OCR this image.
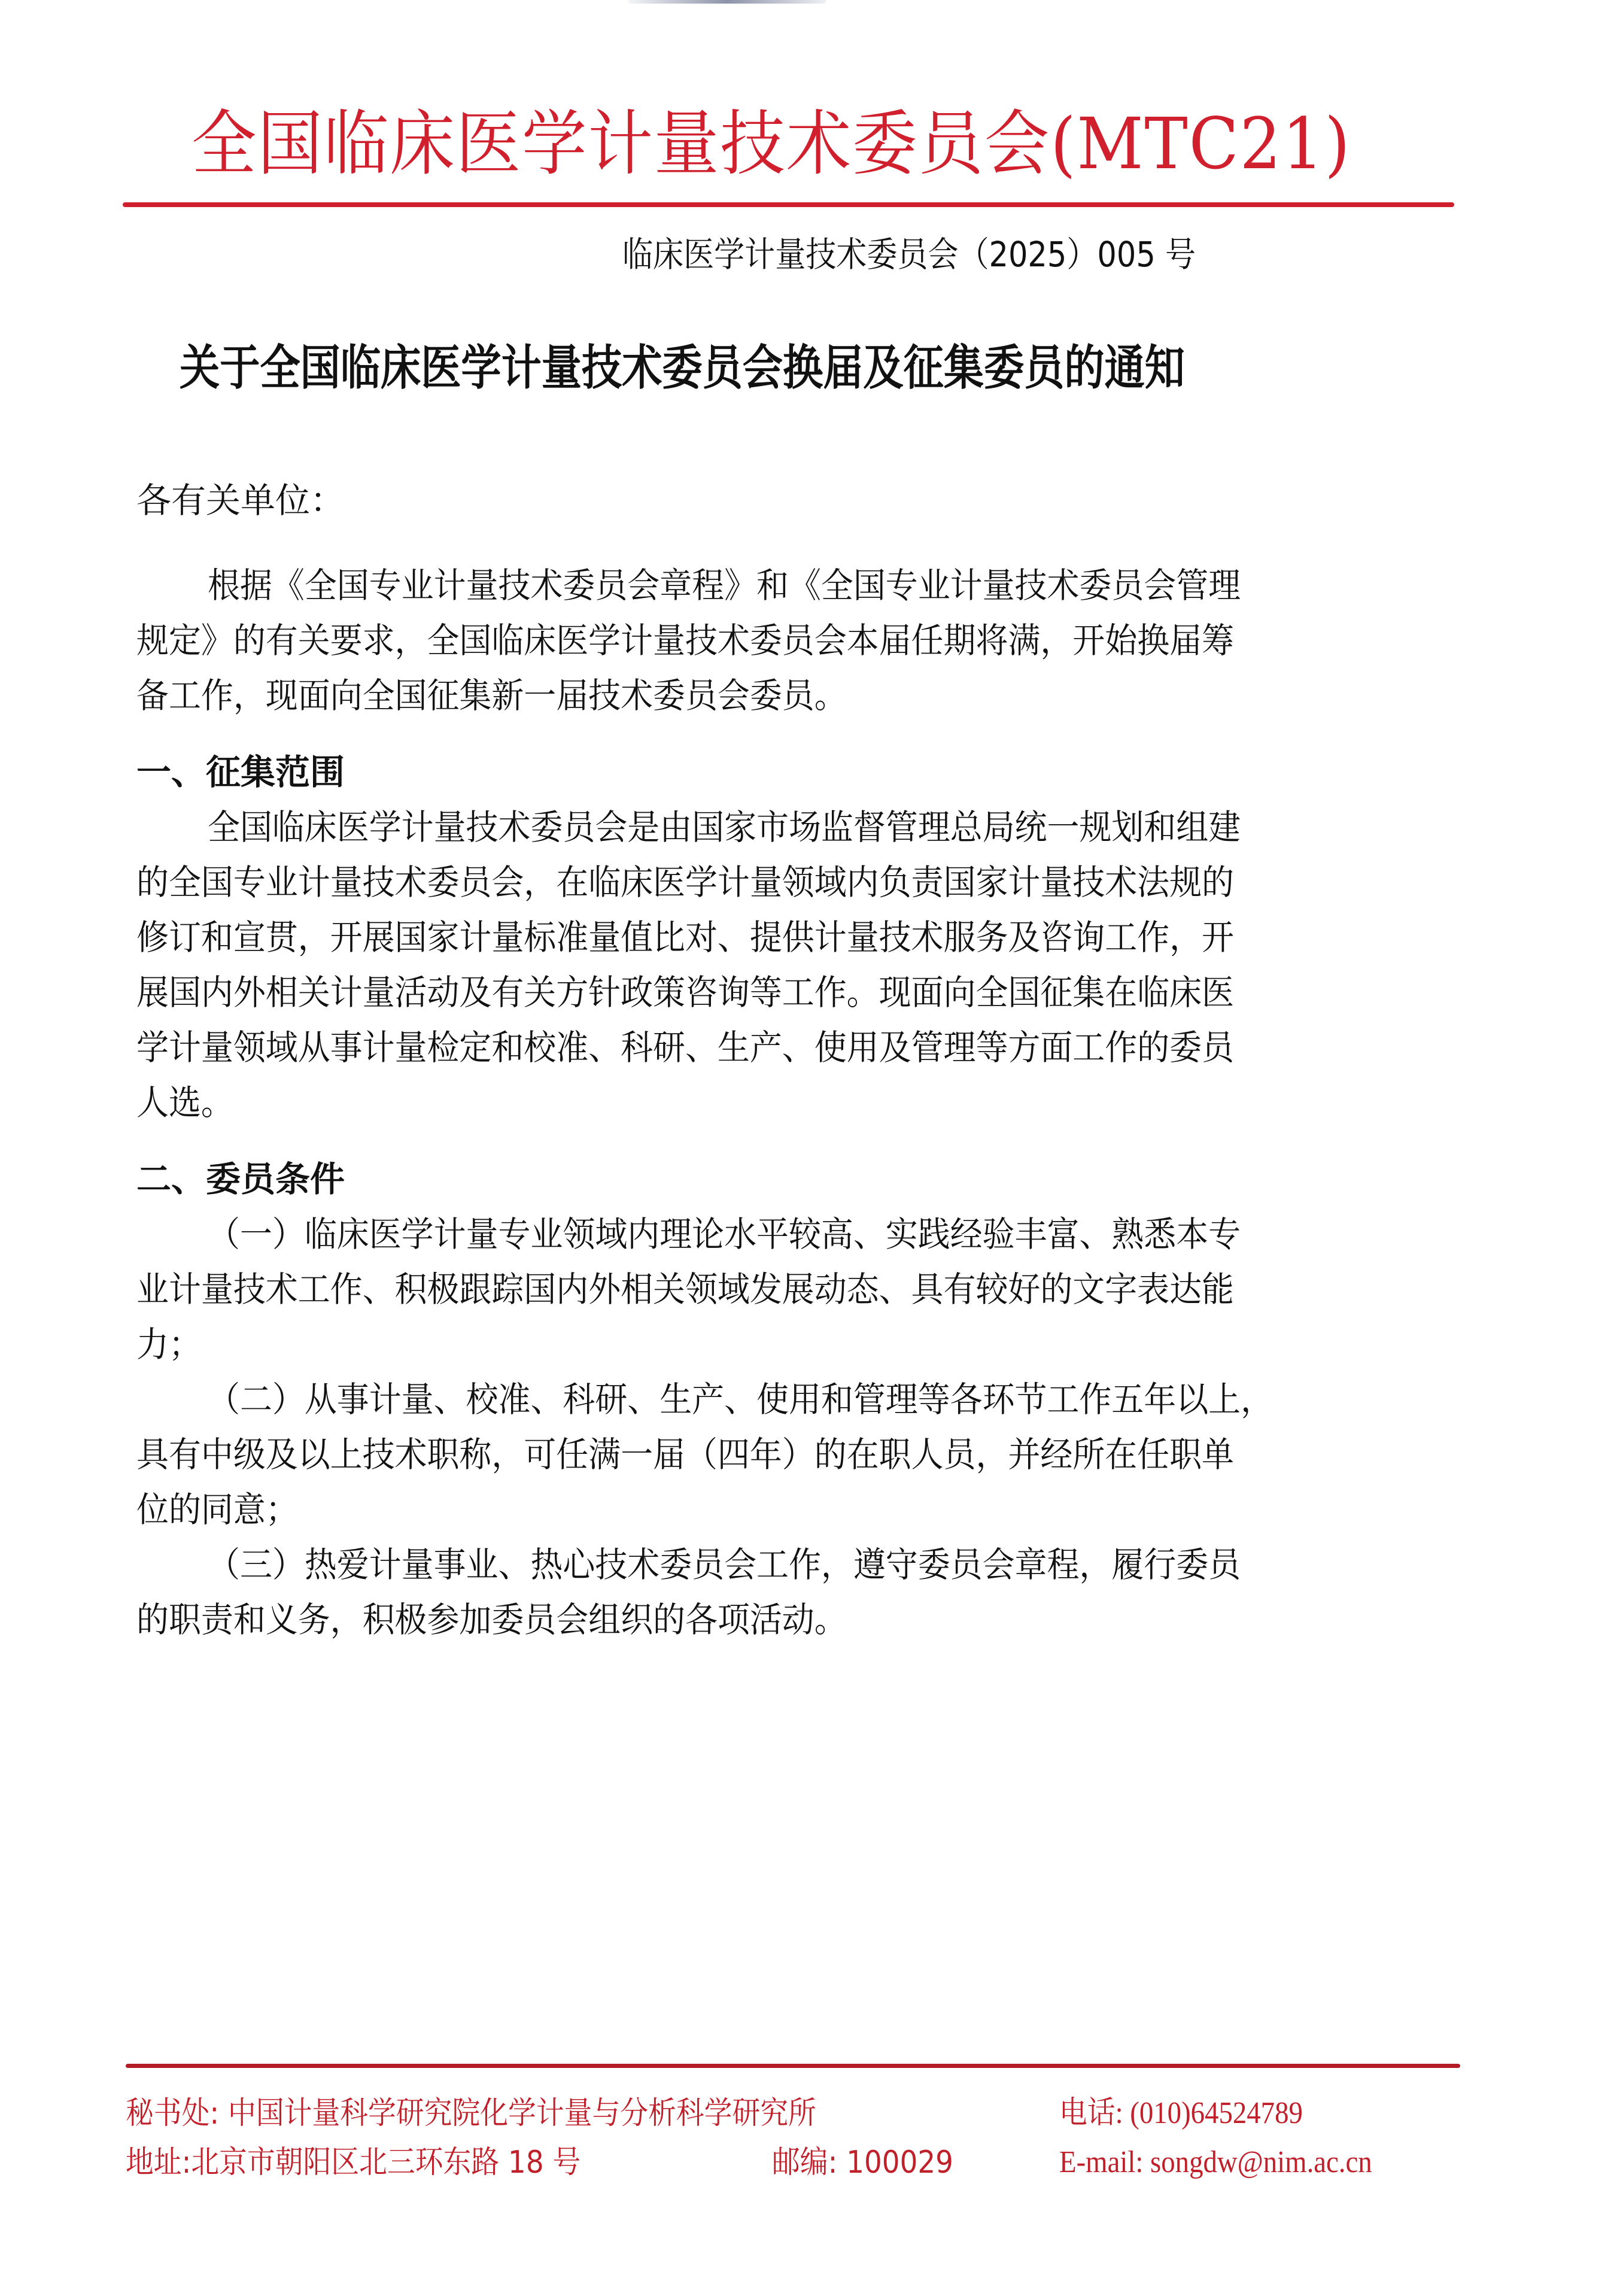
全国临床医学计量技术委员会(MTC21)
临床医学计量技术委员会（2025）005 号
关于全国临床医学计量技术委员会换届及征集委员的通知

各有关单位：

根据《全国专业计量技术委员会章程》和《全国专业计量技术委员会管理
规定》的有关要求，全国临床医学计量技术委员会本届任期将满，开始换届筹
备工作，现面向全国征集新一届技术委员会委员。

一、征集范围

全国临床医学计量技术委员会是由国家市场监督管理总局统一规划和组建
的全国专业计量技术委员会，在临床医学计量领域内负责国家计量技术法规的
修订和宣贯，开展国家计量标准量值比对、提供计量技术服务及咨询工作，开
展国内外相关计量活动及有关方针政策咨询等工作。现面向全国征集在临床医
学计量领域从事计量检定和校准、科研、生产、使用及管理等方面工作的委员
人选。

二、委员条件

（一）临床医学计量专业领域内理论水平较高、实践经验丰富、熟悉本专
业计量技术工作、积极跟踪国内外相关领域发展动态、具有较好的文字表达能
力；

（二）从事计量、校准、科研、生产、使用和管理等各环节工作五年以上，
具有中级及以上技术职称，可任满一届（四年）的在职人员，并经所在任职单
位的同意；

（三）热爱计量事业、热心技术委员会工作，遵守委员会章程，履行委员
的职责和义务，积极参加委员会组织的各项活动。

秘书处: 中国计量科学研究院化学计量与分析科学研究所	电话: (010)64524789
地址:北京市朝阳区北三环东路 18 号	邮编: 100029	E-mail: songdw@nim.ac.cn
